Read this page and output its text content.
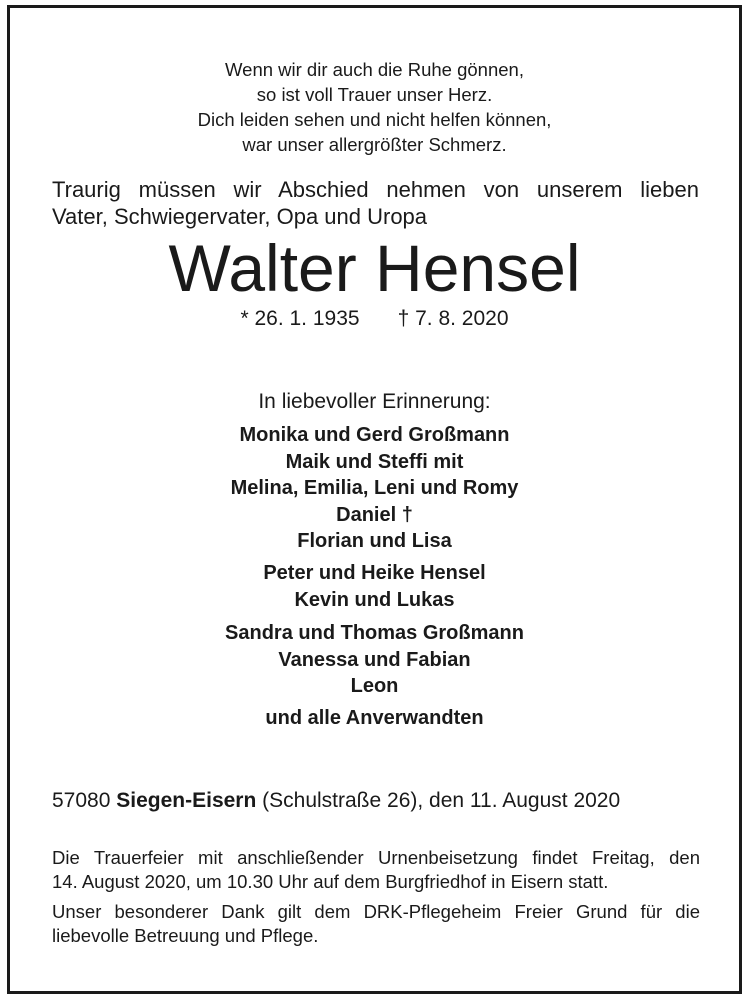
Wenn wir dir auch die Ruhe gönnen,
so ist voll Trauer unser Herz.
Dich leiden sehen und nicht helfen können,
war unser allergrößter Schmerz.

Traurig müssen wir Abschied nehmen von unserem lieben

Vater, Schwiegervater, Opa und Uropa

Walter Hensel
* 26. 1. 1935 † 7. 8. 2020
In liebevoller Erinnerung:
Monika und Gerd Großmann
Maik und Steffi mit
Melina, Emilia, Leni und Romy
Daniel †
Florian und Lisa
Peter und Heike Hensel
Kevin und Lukas
Sandra und Thomas Großmann
Vanessa und Fabian
Leon
und alle Anverwandten
57080 Siegen-Eisern (Schulstraße 26), den 11. August 2020

Die Trauerfeier mit anschließender Urnenbeisetzung findet Freitag, den

14. August 2020, um 10.30 Uhr auf dem Burgfriedhof in Eisern statt.

Unser besonderer Dank gilt dem DRK-Pflegeheim Freier Grund für die

liebevolle Betreuung und Pflege.
